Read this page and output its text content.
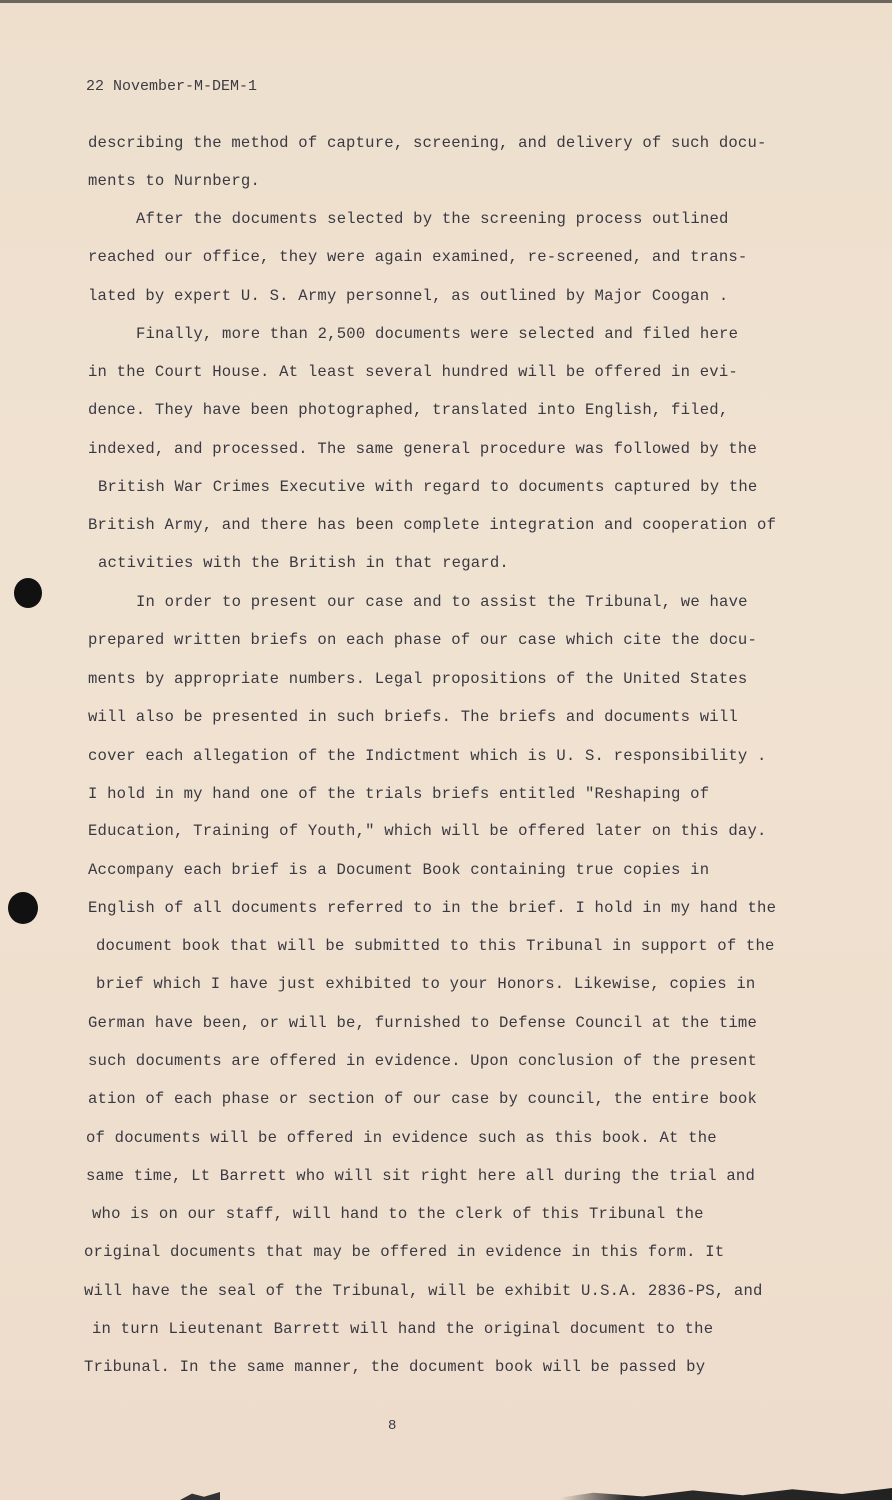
22 November-M-DEM-1
describing the method of capture, screening, and delivery of such docu-
ments to Nurnberg.
After the documents selected by the screening process outlined
reached our office, they were again examined, re-screened, and trans-
lated by expert U. S. Army personnel, as outlined by Major Coogan .
Finally, more than 2,500 documents were selected and filed here
in the Court House. At least several hundred will be offered in evi-
dence. They have been photographed, translated into English, filed,
indexed, and processed. The same general procedure was followed by the
British War Crimes Executive with regard to documents captured by the
British Army, and there has been complete integration and cooperation of
activities with the British in that regard.
In order to present our case and to assist the Tribunal, we have
prepared written briefs on each phase of our case which cite the docu-
ments by appropriate numbers. Legal propositions of the United States
will also be presented in such briefs. The briefs and documents will
cover each allegation of the Indictment which is U. S. responsibility .
I hold in my hand one of the trials briefs entitled "Reshaping of
Education, Training of Youth," which will be offered later on this day.
Accompany each brief is a Document Book containing true copies in
English of all documents referred to in the brief. I hold in my hand the
document book that will be submitted to this Tribunal in support of the
brief which I have just exhibited to your Honors. Likewise, copies in
German have been, or will be, furnished to Defense Council at the time
such documents are offered in evidence. Upon conclusion of the present
ation of each phase or section of our case by council, the entire book
of documents will be offered in evidence such as this book. At the
same time, Lt Barrett who will sit right here all during the trial and
who is on our staff, will hand to the clerk of this Tribunal the
original documents that may be offered in evidence in this form. It
will have the seal of the Tribunal, will be exhibit U.S.A. 2836-PS, and
in turn Lieutenant Barrett will hand the original document to the
Tribunal. In the same manner, the document book will be passed by
8
